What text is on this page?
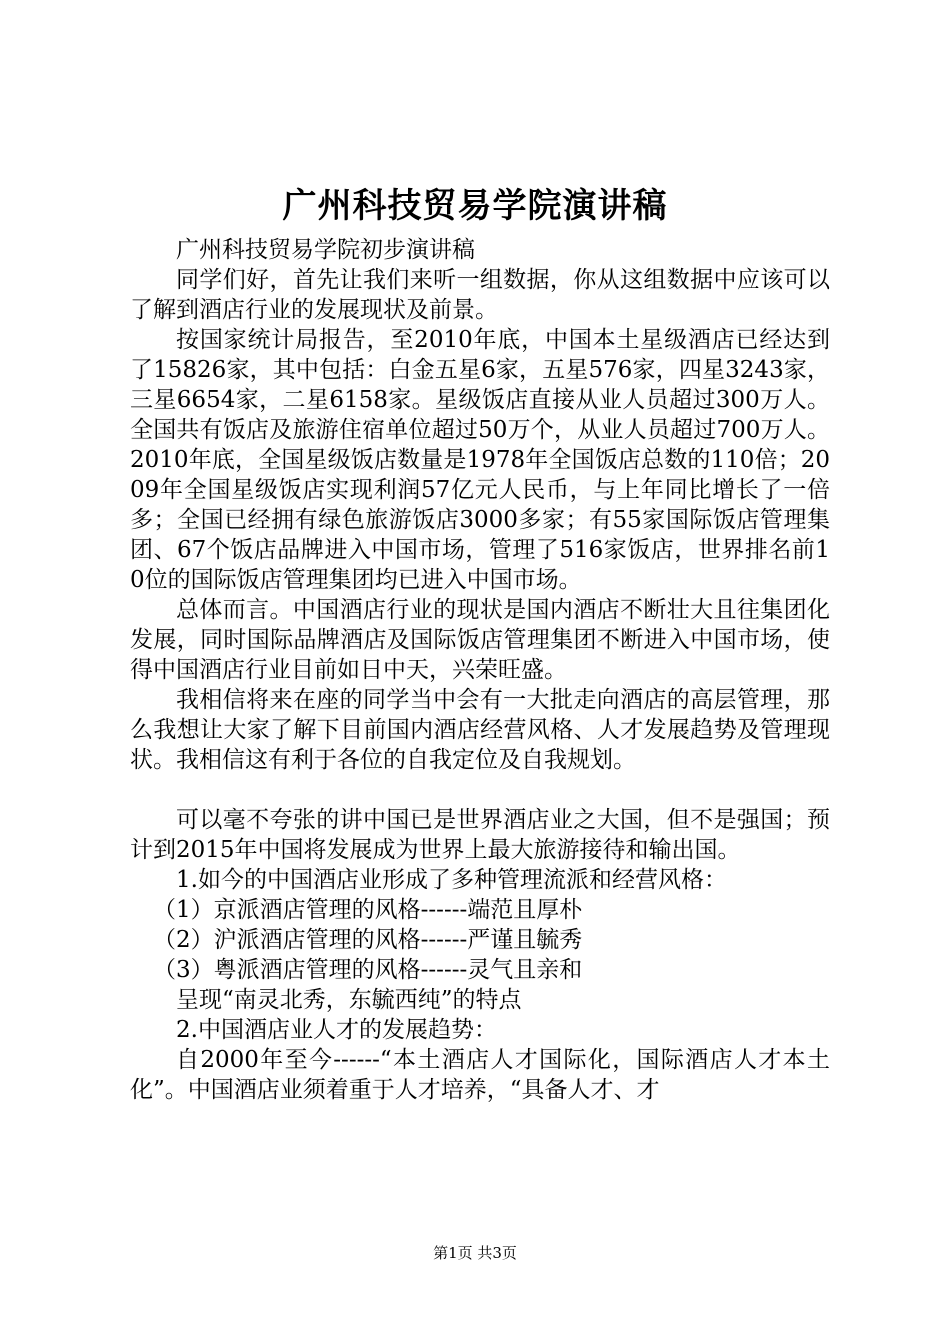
广州科技贸易学院演讲稿

广州科技贸易学院初步演讲稿

同学们好，首先让我们来听一组数据，你从这组数据中应该可以了解到酒店行业的发展现状及前景。

按国家统计局报告，至2010年底，中国本土星级酒店已经达到了15826家，其中包括：白金五星6家，五星576家，四星3243家，三星6654家，二星6158家。星级饭店直接从业人员超过300万人。全国共有饭店及旅游住宿单位超过50万个，从业人员超过700万人。2010年底，全国星级饭店数量是1978年全国饭店总数的110倍；2009年全国星级饭店实现利润57亿元人民币，与上年同比增长了一倍多；全国已经拥有绿色旅游饭店3000多家；有55家国际饭店管理集团、67个饭店品牌进入中国市场，管理了516家饭店，世界排名前10位的国际饭店管理集团均已进入中国市场。

总体而言。中国酒店行业的现状是国内酒店不断壮大且往集团化发展，同时国际品牌酒店及国际饭店管理集团不断进入中国市场，使得中国酒店行业目前如日中天，兴荣旺盛。

我相信将来在座的同学当中会有一大批走向酒店的高层管理，那么我想让大家了解下目前国内酒店经营风格、人才发展趋势及管理现状。我相信这有利于各位的自我定位及自我规划。

可以毫不夸张的讲中国已是世界酒店业之大国，但不是强国；预计到2015年中国将发展成为世界上最大旅游接待和输出国。

1.如今的中国酒店业形成了多种管理流派和经营风格：

（1）京派酒店管理的风格------端范且厚朴

（2）沪派酒店管理的风格------严谨且毓秀

（3）粤派酒店管理的风格------灵气且亲和

呈现“南灵北秀，东毓西纯”的特点

2.中国酒店业人才的发展趋势：

自2000年至今------“本土酒店人才国际化，国际酒店人才本土化”。中国酒店业须着重于人才培养，“具备人才、才

第1页 共3页
